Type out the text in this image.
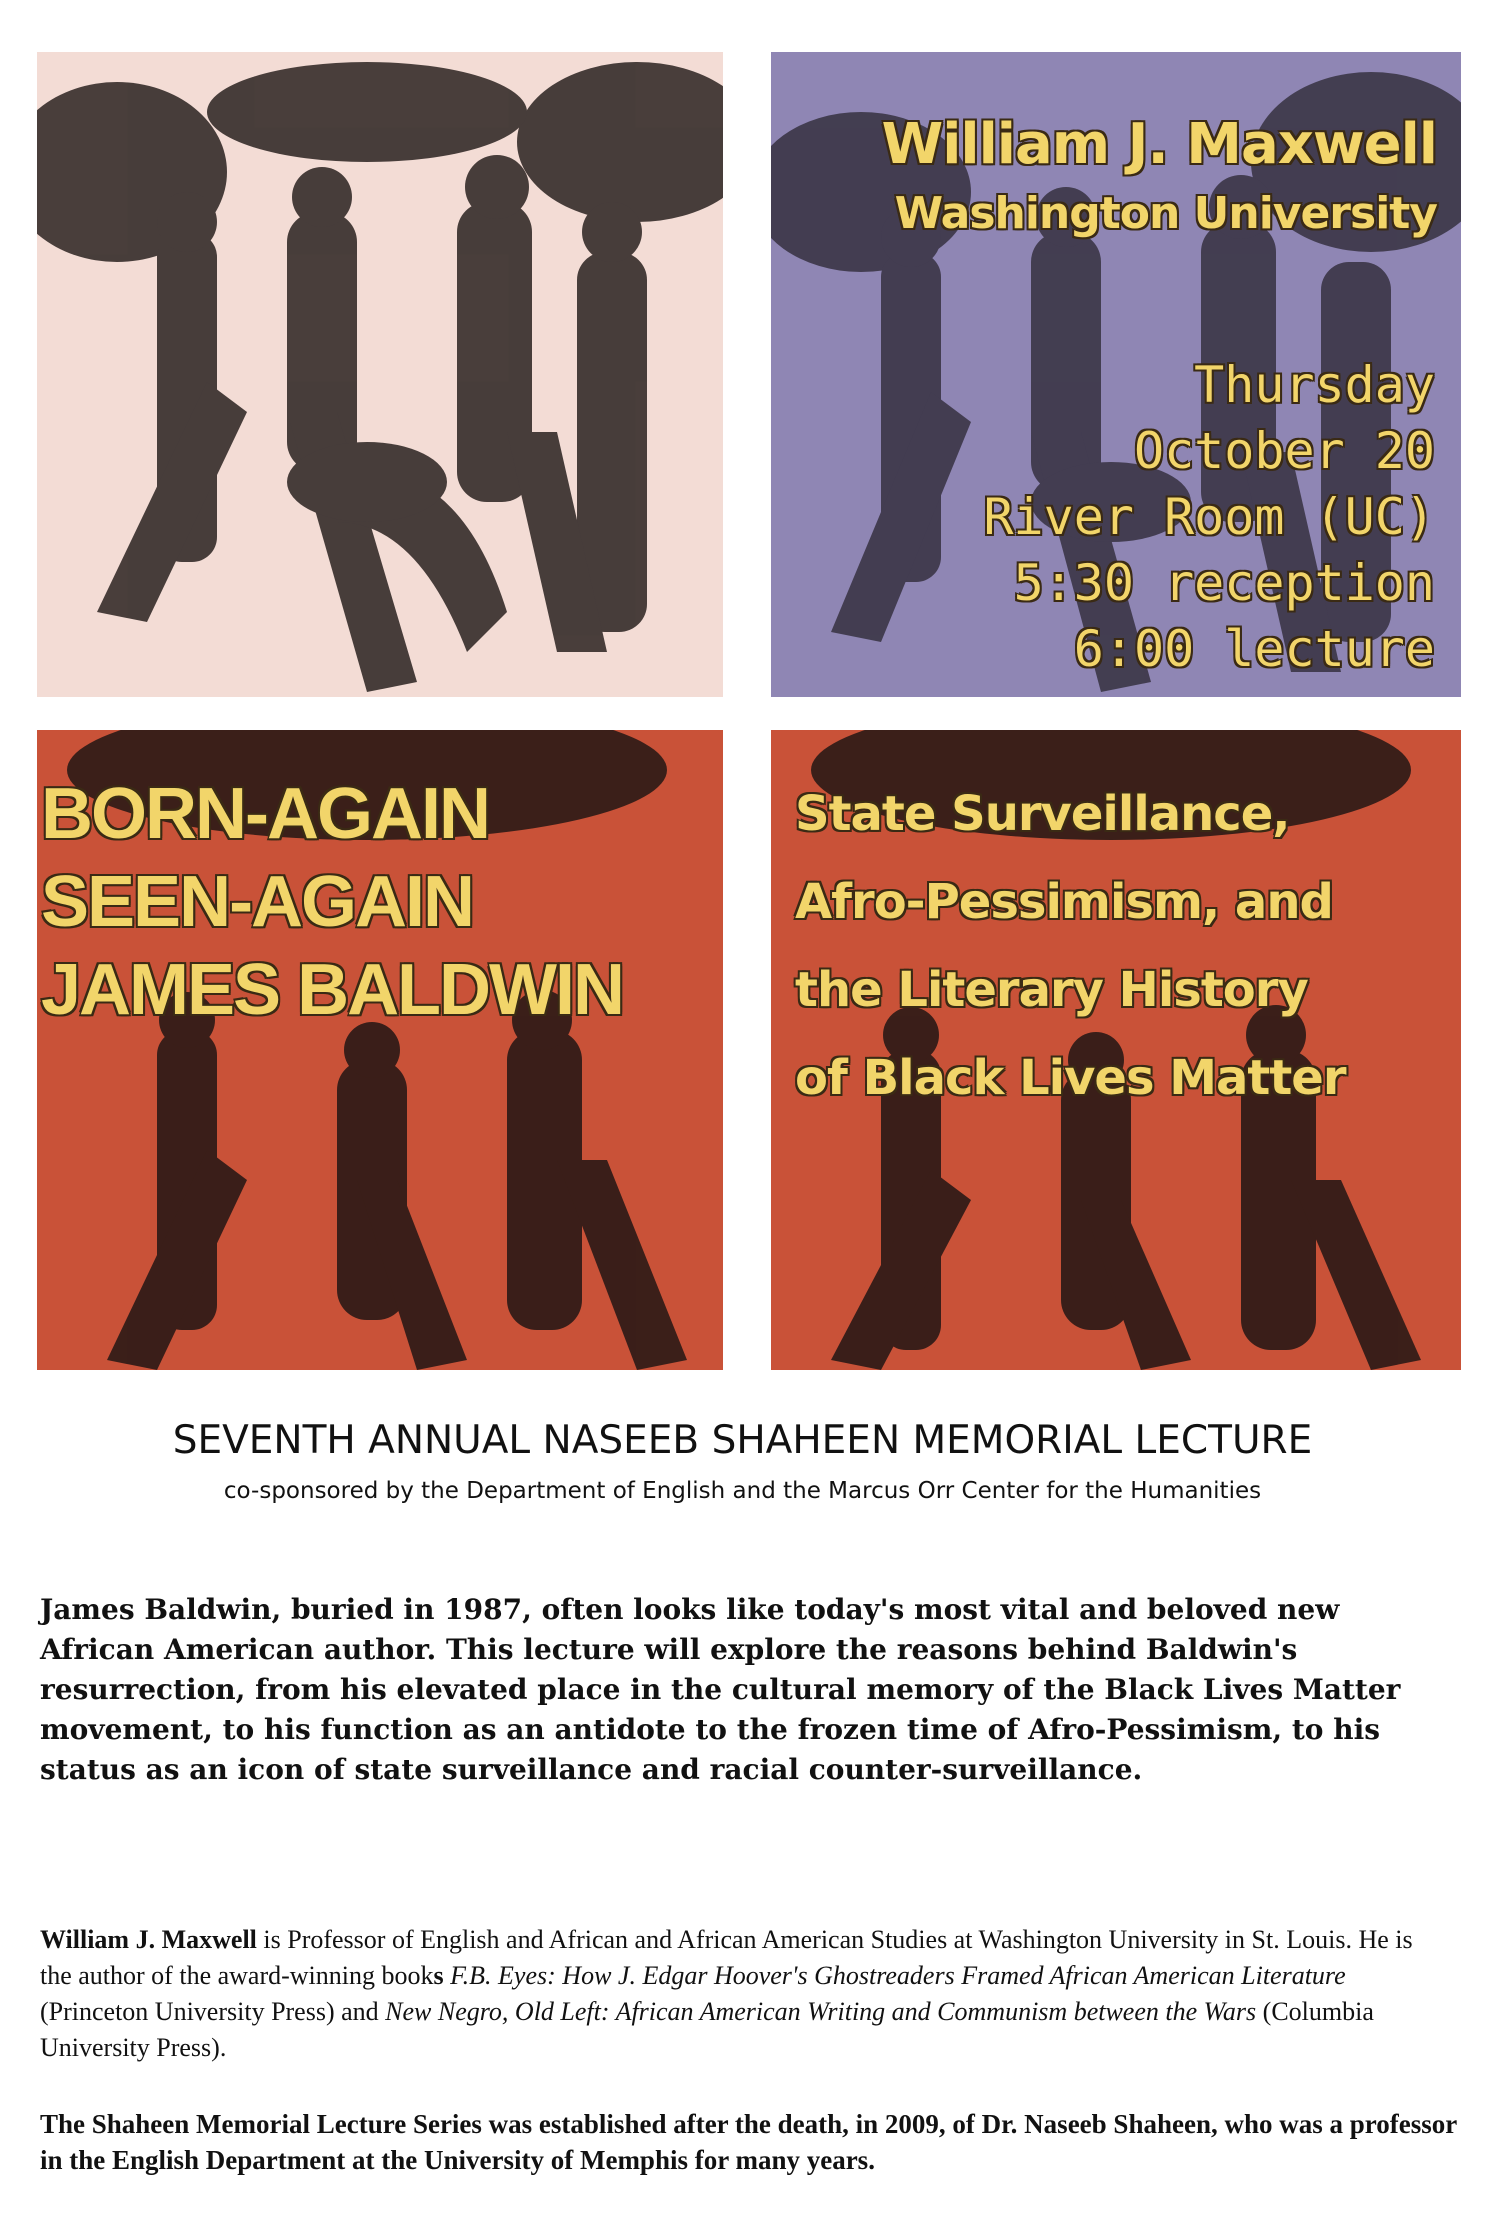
William J. Maxwell
Washington University
Thursday
October 20
River Room (UC)
5:30 reception
6:00 lecture
BORN-AGAIN
SEEN-AGAIN
JAMES BALDWIN
State Surveillance,
Afro-Pessimism, and
the Literary History
of Black Lives Matter
SEVENTH ANNUAL NASEEB SHAHEEN MEMORIAL LECTURE
co-sponsored by the Department of English and the Marcus Orr Center for the Humanities
James Baldwin, buried in 1987, often looks like today's most vital and beloved new African American author. This lecture will explore the reasons behind Baldwin's resurrection, from his elevated place in the cultural memory of the Black Lives Matter movement, to his function as an antidote to the frozen time of Afro-Pessimism, to his status as an icon of state surveillance and racial counter-surveillance.
William J. Maxwell is Professor of English and African and African American Studies at Washington University in St. Louis. He is the author of the award-winning books F.B. Eyes: How J. Edgar Hoover's Ghostreaders Framed African American Literature (Princeton University Press) and New Negro, Old Left: African American Writing and Communism between the Wars (Columbia University Press).
The Shaheen Memorial Lecture Series was established after the death, in 2009, of Dr. Naseeb Shaheen, who was a professor in the English Department at the University of Memphis for many years.
